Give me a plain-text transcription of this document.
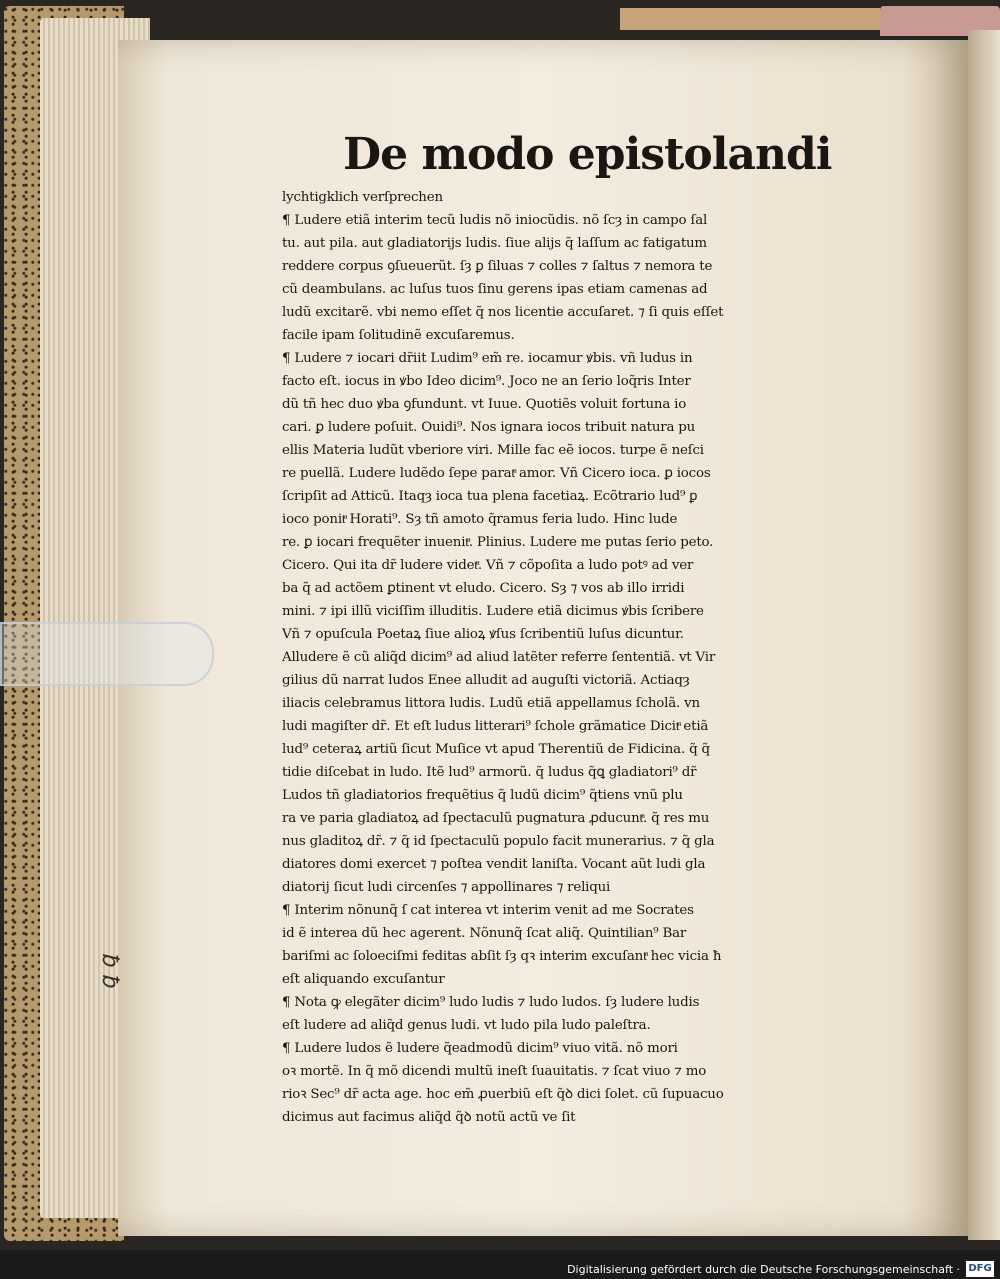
De modo epistolandi
lychtigklich verſprechen
¶ Ludere etiã interim tecũ ludis nõ iniocũdis. nõ ſcȝ in campo ſal
tu. aut pila. aut gladiatorijs ludis. ſiue alijs q̃ laſſum ac fatigatum
reddere corpus ꝯſueuerũt. ſȝ ꝑ ſiluas ⁊ colles ⁊ ſaltus ⁊ nemora te
cũ deambulans. ac luſus tuos ſinu gerens ipas etiam camenas ad
ludũ excitarẽ. vbi nemo eſſet q̃ nos licentie accuſaret. ⁊ ſi quis eſſet
facile ipam ſolitudinẽ excuſaremus.
¶ Ludere ⁊ iocari dr̃iit Ludim⁹ em̃ re. iocamur ꝟbis. vñ ludus in
facto eſt. iocus in ꝟbo Ideo dicim⁹. Joco ne an ſerio loq̃ris Inter
dũ tñ hec duo ꝟba ꝯfundunt. vt Iuue. Quotiẽs voluit fortuna io
cari. ꝑ ludere poſuit. Ouidi⁹. Nos ignara iocos tribuit natura pu
ellis Materia ludũt vberiore viri. Mille fac eẽ iocos. turpe ẽ neſci
re puellã. Ludere ludẽdo ſepe paratͣ amor. Vñ Cicero ioca. ꝑ iocos
ſcripſit ad Atticũ. Itaqȝ ioca tua plena facetiaꝝ. Ecõtrario lud⁹ ꝑ
ioco ponitͣ Horati⁹. Sȝ tñ amoto q̃ramus feria ludo. Hinc lude
re. ꝑ iocari frequẽter inuenitͣ. Plinius. Ludere me putas ſerio peto.
Cicero. Qui ita dr̃ ludere videtͣ. Vñ ⁊ cõpoſita a ludo potꝰ ad ver
ba q̃ ad actõem ꝑtinent vt eludo. Cicero. Sȝ ⁊ vos ab illo irridi
mini. ⁊ ipi illũ viciſſim illuditis. Ludere etiã dicimus ꝟbis ſcribere
Vñ ⁊ opuſcula Poetaꝝ ſiue alioꝝ ꝟſus ſcribentiũ luſus dicuntur.
Alludere ẽ cũ aliq̃d dicim⁹ ad aliud latẽter referre ſententiã. vt Vir
gilius dũ narrat ludos Enee alludit ad auguſti victoriã. Actiaqȝ
iliacis celebramus littora ludis. Ludũ etiã appellamus ſcholã. vn
ludi magiſter dr̃. Et eſt ludus litterari⁹ ſchole grãmatice Dicitͣ etiã
lud⁹ ceteraꝝ artiũ ſicut Muſice vt apud Therentiũ de Fidicina. q̃ q̃
tidie diſcebat in ludo. Itẽ lud⁹ armorũ. q̃ ludus q̃ꝗ gladiatori⁹ dr̃
Ludos tñ gladiatorios frequẽtius q̃ ludũ dicim⁹ q̃tiens vnũ plu
ra ve paria gladiatoꝝ ad ſpectaculũ pugnatura ꝓducuntͣ. q̃ res mu
nus gladitoꝝ dr̃. ⁊ q̃ id ſpectaculũ populo facit munerarius. ⁊ q̃ gla
diatores domi exercet ⁊ poſtea vendit laniſta. Vocant aũt ludi gla
diatorij ſicut ludi circenſes ⁊ appollinares ⁊ reliqui
¶ Interim nõnunq̃ ſ cat interea vt interim venit ad me Socrates
id ẽ interea dũ hec agerent. Nõnunq̃ ſcat aliq̃. Quintilian⁹ Bar
bariſmi ac ſoloeciſmi feditas abſit ſȝ qꝛ interim excuſantͣ hec vicia ħ
eſt aliquando excuſantur
¶ Nota ꝙ elegãter dicim⁹ ludo ludis ⁊ ludo ludos. ſȝ ludere ludis
eſt ludere ad aliq̃d genus ludi. vt ludo pila ludo paleſtra.
¶ Ludere ludos ẽ ludere q̃eadmodũ dicim⁹ viuo vitã. nõ mori
oꝛ mortẽ. In q̃ mõ dicendi multũ ineſt ſuauitatis. ⁊ ſcat viuo ⁊ mo
rioꝛ Sec⁹ dr̃ acta age. hoc em̃ ꝓuerbiũ eſt q̃ꝺ dici ſolet. cũ ſupuacuo
dicimus aut facimus aliq̃d q̃ꝺ notũ actũ ve ſit
ꝗ ꝗ
Digitalisierung gefördert durch die Deutsche Forschungsgemeinschaft · DFG
